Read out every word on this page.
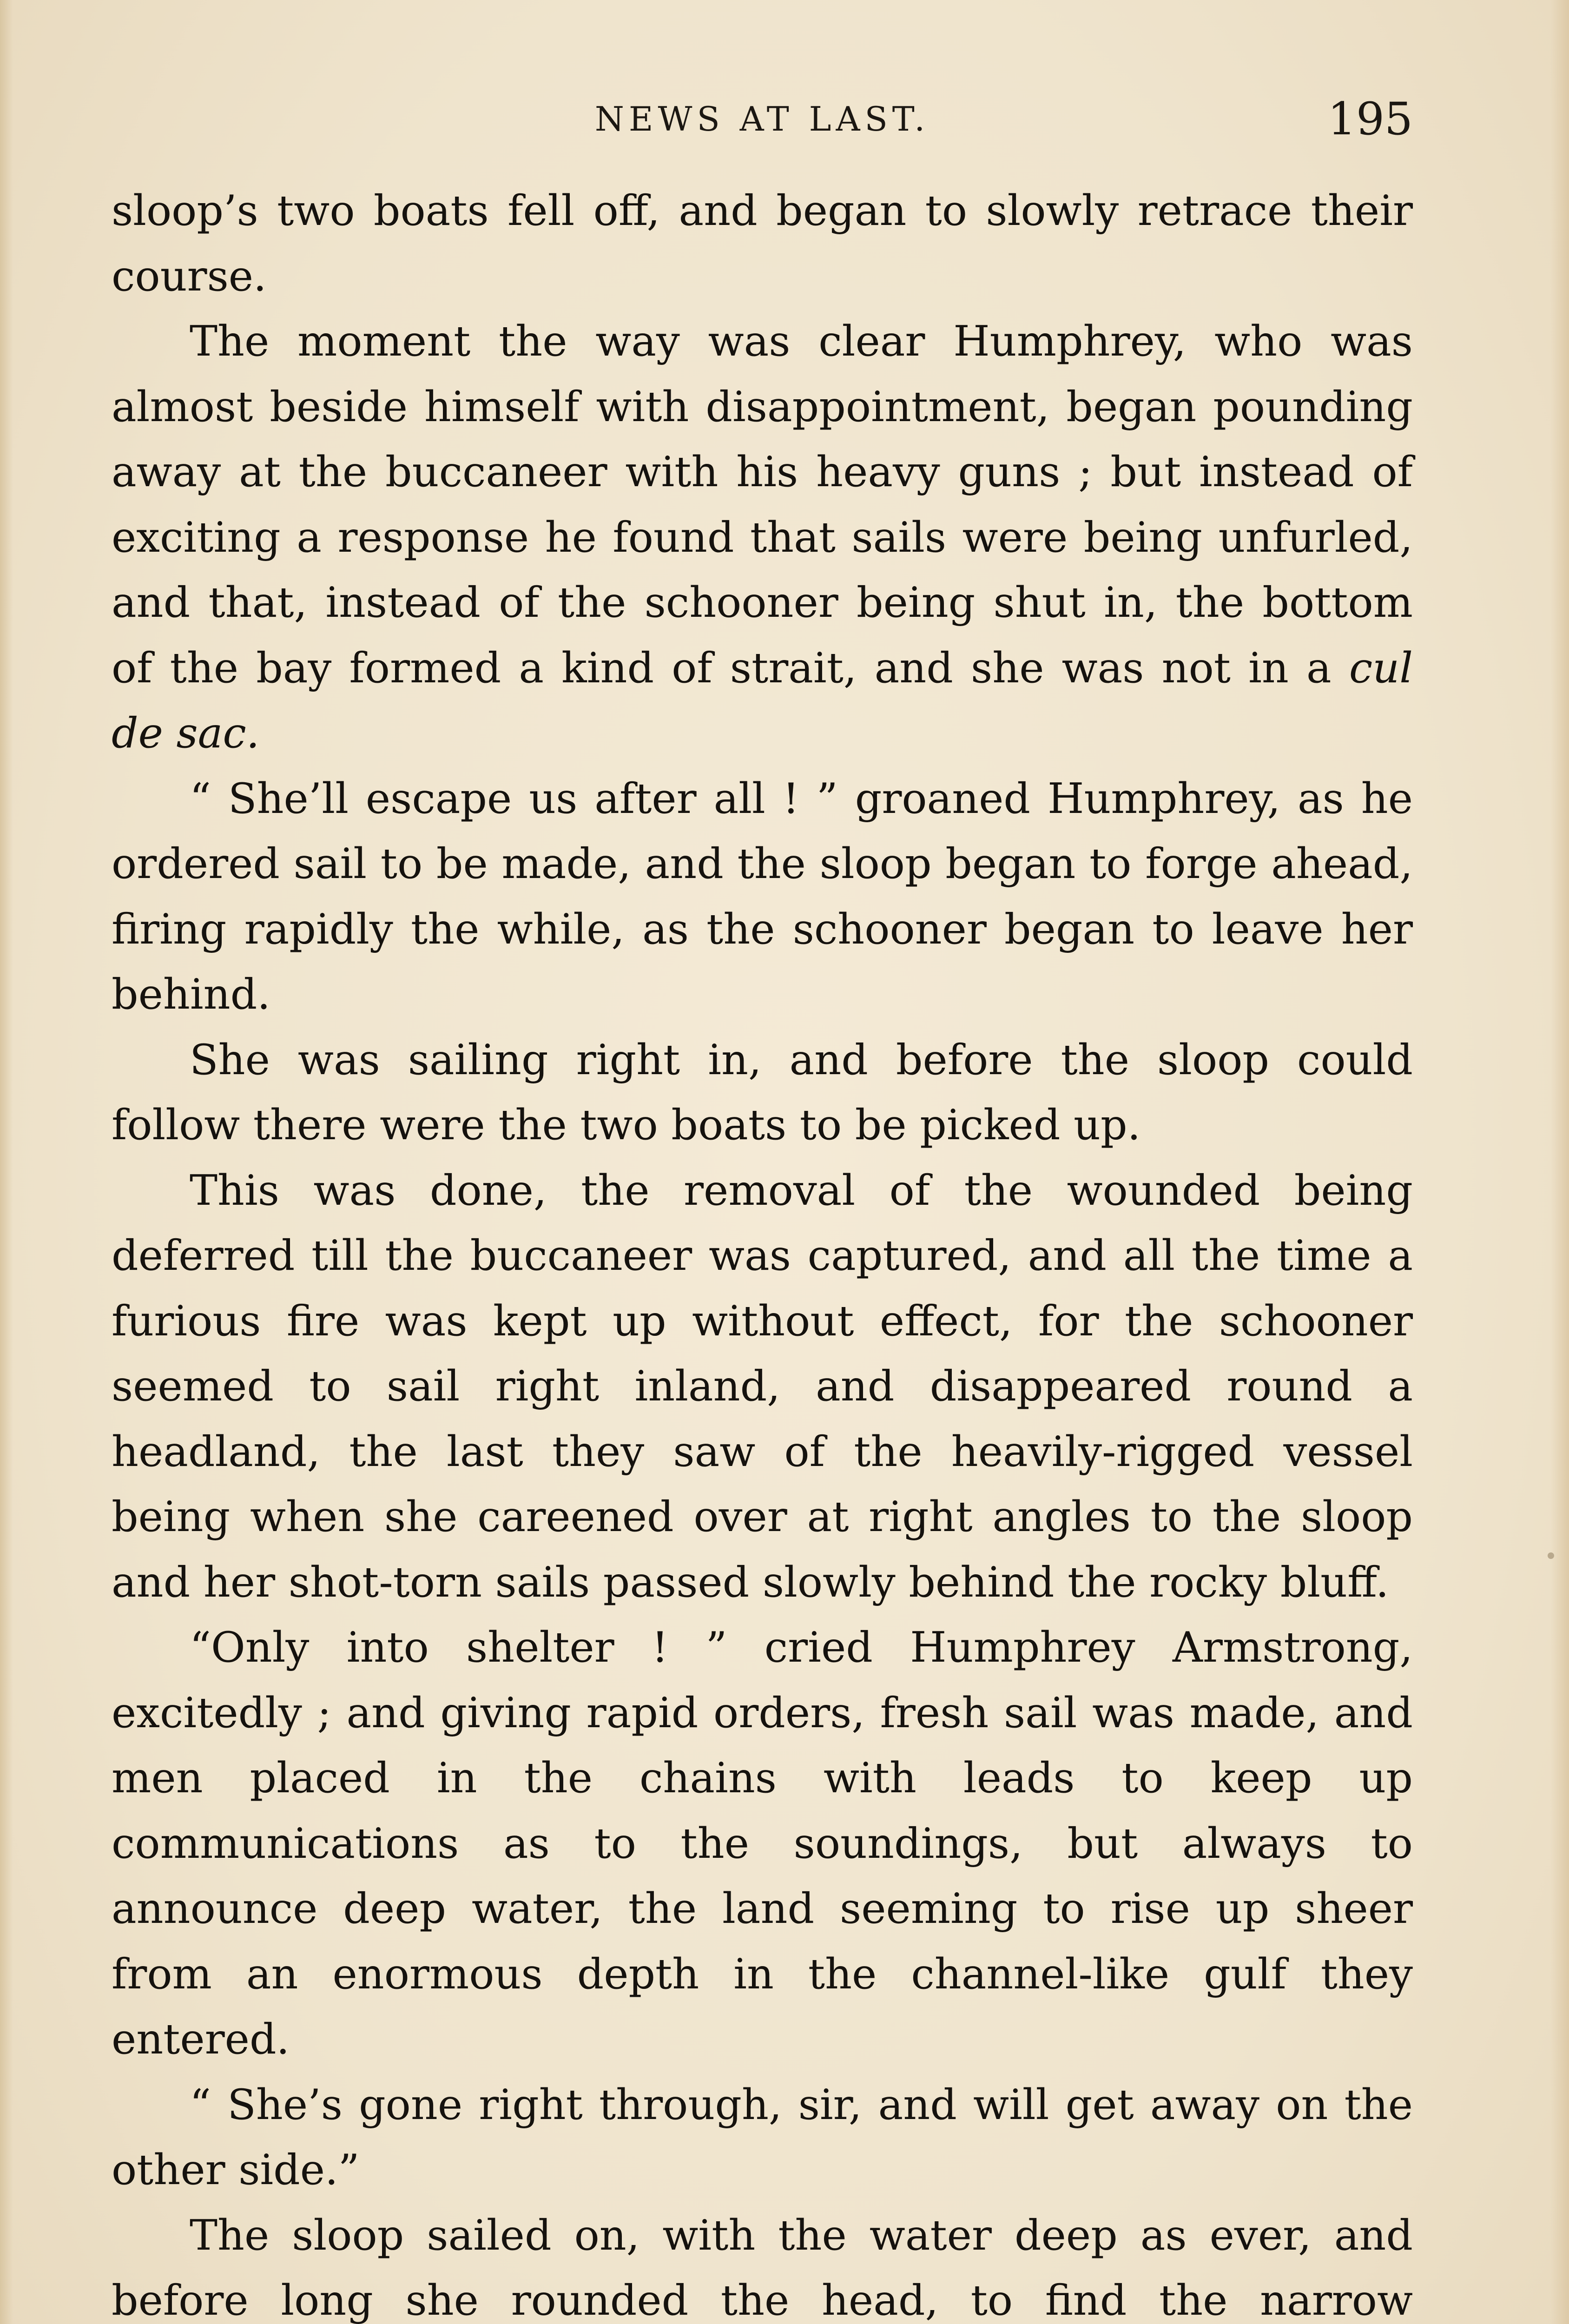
NEWS AT LAST.	195

sloop’s two boats fell off, and began to slowly retrace their course.

The moment the way was clear Humphrey, who was almost beside himself with disappointment, began pounding away at the buccaneer with his heavy guns ; but instead of exciting a response he found that sails were being unfurled, and that, instead of the schooner being shut in, the bottom of the bay formed a kind of strait, and she was not in a cul de sac.

“ She’ll escape us after all ! ” groaned Humphrey, as he ordered sail to be made, and the sloop began to forge ahead, firing rapidly the while, as the schooner began to leave her behind.

She was sailing right in, and before the sloop could follow there were the two boats to be picked up.

This was done, the removal of the wounded being deferred till the buccaneer was captured, and all the time a furious fire was kept up without effect, for the schooner seemed to sail right inland, and disappeared round a headland, the last they saw of the heavily-rigged vessel being when she careened over at right angles to the sloop and her shot-torn sails passed slowly behind the rocky bluff.

“Only into shelter ! ” cried Humphrey Armstrong, excitedly ; and giving rapid orders, fresh sail was made, and men placed in the chains with leads to keep up communications as to the soundings, but always to announce deep water, the land seeming to rise up sheer from an enormous depth in the channel-like gulf they entered.

“ She’s gone right through, sir, and will get away on the other side.”

The sloop sailed on, with the water deep as ever, and before long she rounded the head, to find the narrow
